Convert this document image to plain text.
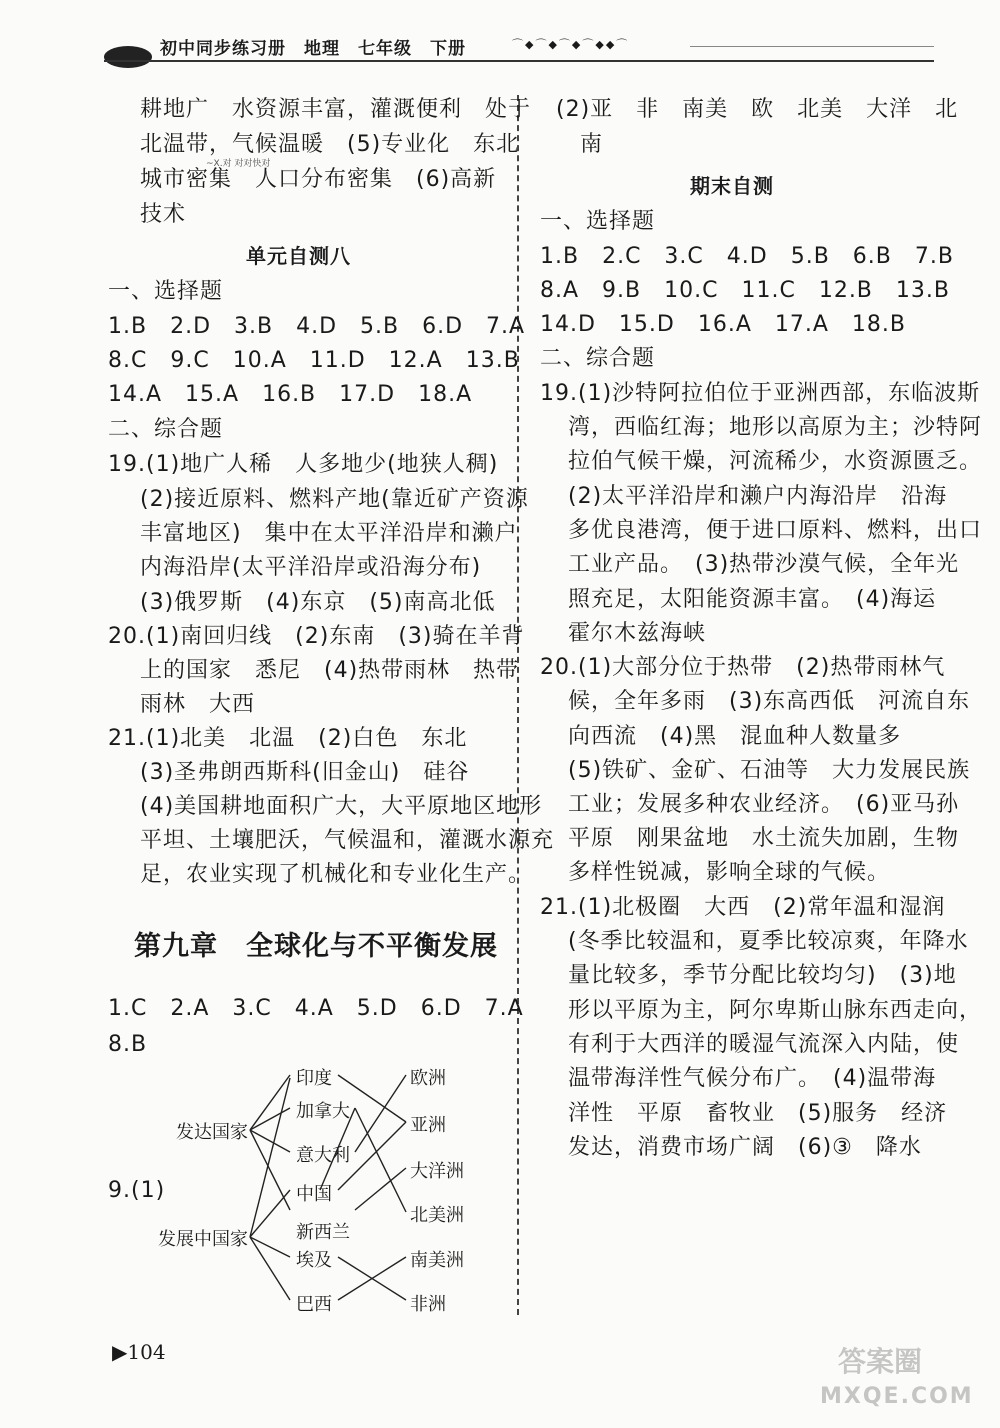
初中同步练习册　地理　七年级　下册	⌒◆⌒◆⌒◆⌒◆◆⌒
耕地广　水资源丰富，灌溉便利　处于
北温带，气候温暖　(5)专业化　东北
城市密集　人口分布密集　(6)高新
技术
~X.对 对对快对
单元自测八
一、选择题
1.B　2.D　3.B　4.D　5.B　6.D　7.A
8.C　9.C　10.A　11.D　12.A　13.B
14.A　15.A　16.B　17.D　18.A
二、综合题
19.(1)地广人稀　人多地少(地狭人稠)
(2)接近原料、燃料产地(靠近矿产资源
丰富地区)　集中在太平洋沿岸和濑户
内海沿岸(太平洋沿岸或沿海分布)
(3)俄罗斯　(4)东京　(5)南高北低
20.(1)南回归线　(2)东南　(3)骑在羊背
上的国家　悉尼　(4)热带雨林　热带
雨林　大西
21.(1)北美　北温　(2)白色　东北
(3)圣弗朗西斯科(旧金山)　硅谷
(4)美国耕地面积广大，大平原地区地形
平坦、土壤肥沃，气候温和，灌溉水源充
足，农业实现了机械化和专业化生产。
第九章　全球化与不平衡发展
1.C　2.A　3.C　4.A　5.D　6.D　7.A
8.B
9.(1)
发达国家
发展中国家
印度
加拿大
意大利
中国
新西兰
埃及
巴西
欧洲
亚洲
大洋洲
北美洲
南美洲
非洲
(2)亚　非　南美　欧　北美　大洋　北
南
期末自测
一、选择题
1.B　2.C　3.C　4.D　5.B　6.B　7.B
8.A　9.B　10.C　11.C　12.B　13.B
14.D　15.D　16.A　17.A　18.B
二、综合题
19.(1)沙特阿拉伯位于亚洲西部，东临波斯
湾，西临红海；地形以高原为主；沙特阿
拉伯气候干燥，河流稀少，水资源匮乏。
(2)太平洋沿岸和濑户内海沿岸　沿海
多优良港湾，便于进口原料、燃料，出口
工业产品。　(3)热带沙漠气候，全年光
照充足，太阳能资源丰富。　(4)海运
霍尔木兹海峡
20.(1)大部分位于热带　(2)热带雨林气
候，全年多雨　(3)东高西低　河流自东
向西流　(4)黑　混血种人数量多
(5)铁矿、金矿、石油等　大力发展民族
工业；发展多种农业经济。　(6)亚马孙
平原　刚果盆地　水土流失加剧，生物
多样性锐减，影响全球的气候。
21.(1)北极圈　大西　(2)常年温和湿润
(冬季比较温和，夏季比较凉爽，年降水
量比较多，季节分配比较均匀)　(3)地
形以平原为主，阿尔卑斯山脉东西走向，
有利于大西洋的暖湿气流深入内陆，使
温带海洋性气候分布广。　(4)温带海
洋性　平原　畜牧业　(5)服务　经济
发达，消费市场广阔　(6)③　降水
▶104	答案圈
MXQE.COM
